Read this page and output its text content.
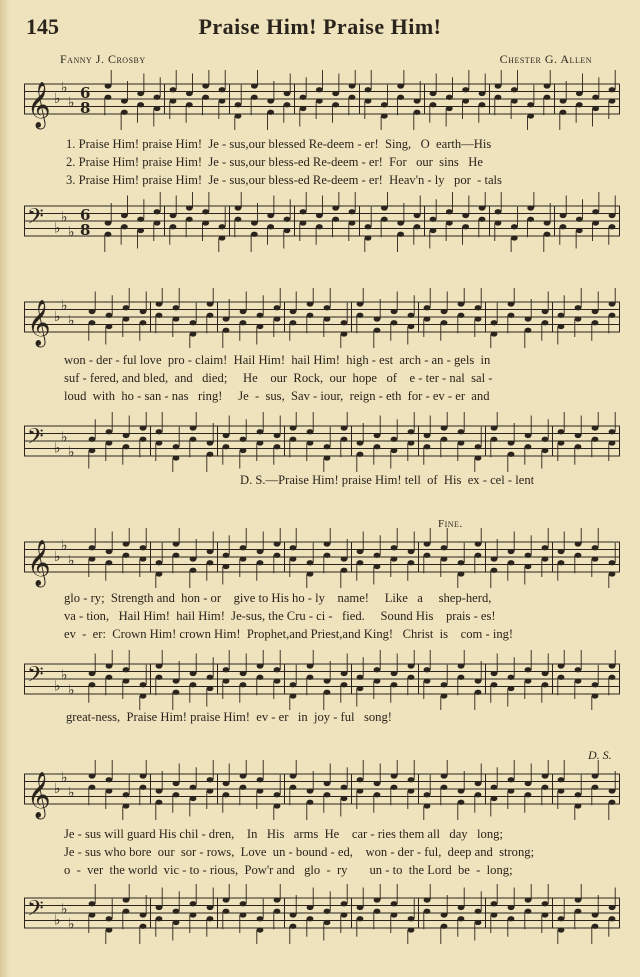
145	Praise Him! Praise Him!
Fanny J. Crosby	Chester G. Allen
𝄞 ♭
♭
♭
6
8
1. Praise Him! praise Him!  Je - sus,our blessed Re-deem - er!  Sing,   O  earth—His
2. Praise Him! praise Him!  Je - sus,our bless-ed Re-deem - er!  For   our  sins   He
3. Praise Him! praise Him!  Je - sus,our bless-ed Re-deem - er!  Heav'n - ly   por  - tals
𝄢 ♭
♭
♭
6
8
𝄞 ♭
♭
♭
won - der - ful love  pro - claim!  Hail Him!  hail Him!  high - est  arch - an - gels  in
suf - fered, and bled,  and   died;     He    our  Rock,  our  hope   of    e - ter - nal  sal -
loud  with  ho - san - nas   ring!     Je  -  sus,  Sav - iour,  reign - eth  for - ev - er  and
𝄢 ♭
♭
♭
D. S.—Praise Him! praise Him! tell  of  His  ex - cel - lent
Fine.
𝄞 ♭
♭
♭
glo - ry;  Strength and  hon - or    give to His ho - ly    name!     Like   a     shep-herd,
va - tion,   Hail Him!  hail Him!  Je-sus, the Cru - ci -   fied.     Sound His    prais - es!
ev  -  er:  Crown Him! crown Him!  Prophet,and Priest,and King!   Christ  is    com - ing!
𝄢 ♭
♭
♭
great-ness,  Praise Him! praise Him!  ev - er   in  joy - ful   song!
D. S.
𝄞 ♭
♭
♭
Je - sus will guard His chil - dren,    In   His   arms  He    car - ries them all   day   long;
Je - sus who bore  our  sor - rows,  Love  un - bound - ed,    won - der - ful,  deep and  strong;
o  -  ver  the world  vic - to - rious,  Pow'r and   glo  -  ry       un - to  the Lord  be  -  long;
𝄢 ♭
♭
♭
